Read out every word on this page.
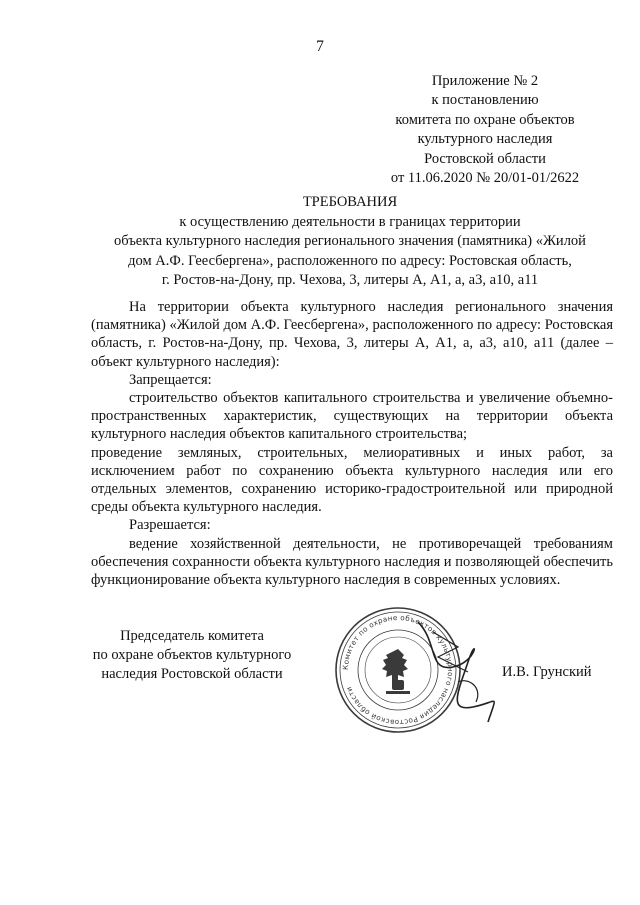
7
Приложение № 2
к постановлению
комитета по охране объектов
культурного наследия
Ростовской области
от 11.06.2020 № 20/01-01/2622
ТРЕБОВАНИЯ
к осуществлению деятельности в границах территории
объекта культурного наследия регионального значения (памятника) «Жилой
дом А.Ф. Геесбергена», расположенного по адресу: Ростовская область,
г. Ростов-на-Дону, пр. Чехова, 3, литеры А, А1, а, а3, а10, а11

На территории объекта культурного наследия регионального значения (памятника) «Жилой дом А.Ф. Геесбергена», расположенного по адресу: Ростовская область, г. Ростов-на-Дону, пр. Чехова, 3, литеры А, А1, а, а3, а10, а11 (далее – объект культурного наследия):

Запрещается:

строительство объектов капитального строительства и увеличение объемно-пространственных характеристик, существующих на территории объекта культурного наследия объектов капитального строительства;

проведение земляных, строительных, мелиоративных и иных работ, за исключением работ по сохранению объекта культурного наследия или его отдельных элементов, сохранению историко-градостроительной или природной среды объекта культурного наследия.

Разрешается:

ведение хозяйственной деятельности, не противоречащей требованиям обеспечения сохранности объекта культурного наследия и позволяющей обеспечить функционирование объекта культурного наследия в современных условиях.

Председатель комитета
по охране объектов культурного
наследия Ростовской области	Комитет по охране объектов культурного наследия Ростовской области
И.В. Грунский
